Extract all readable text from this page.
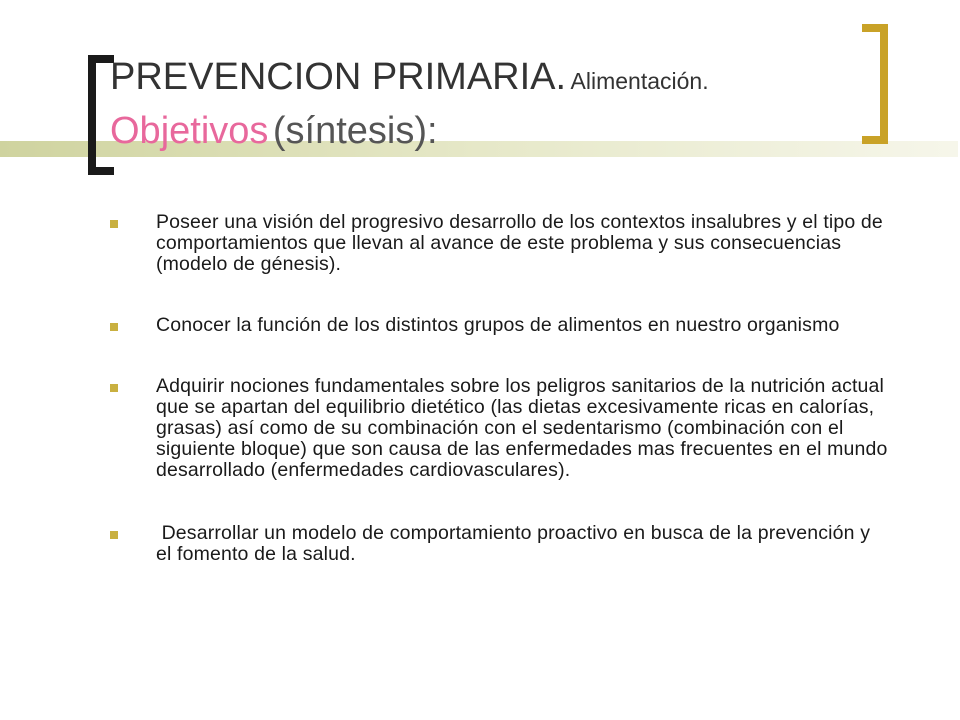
PREVENCION PRIMARIA. Alimentación.
Objetivos (síntesis):
Poseer una visión del progresivo desarrollo de los contextos insalubres y el tipo de comportamientos que llevan al avance de este problema y sus consecuencias (modelo de génesis).
Conocer la función de los distintos grupos de alimentos en nuestro organismo
Adquirir nociones fundamentales sobre los peligros sanitarios de la nutrición actual que se apartan del equilibrio dietético (las dietas excesivamente ricas en calorías, grasas) así como de su combinación con el sedentarismo (combinación con el siguiente bloque) que son causa de las enfermedades mas frecuentes en el mundo desarrollado (enfermedades cardiovasculares).
Desarrollar un modelo de comportamiento proactivo en busca de la prevención y el fomento de la salud.
